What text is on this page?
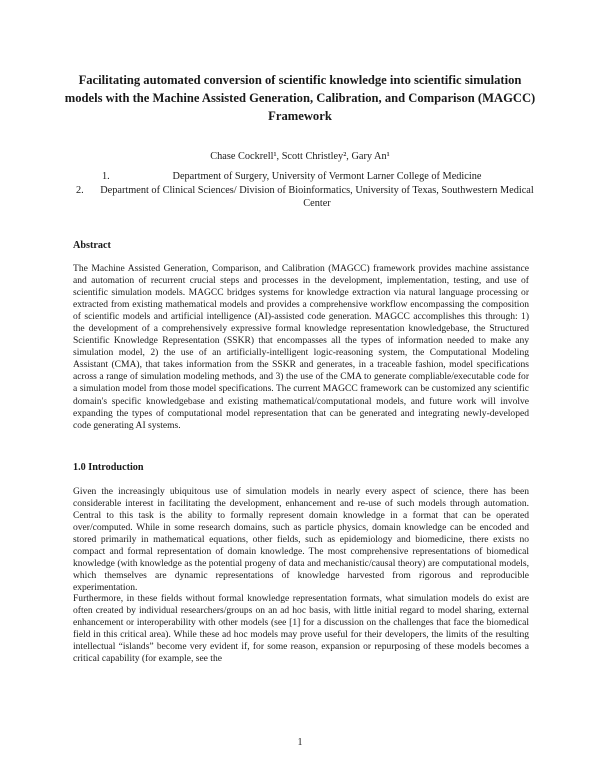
Facilitating automated conversion of scientific knowledge into scientific simulation models with the Machine Assisted Generation, Calibration, and Comparison (MAGCC) Framework
Chase Cockrell¹, Scott Christley², Gary An¹
1.	Department of Surgery, University of Vermont Larner College of Medicine
2.	Department of Clinical Sciences/ Division of Bioinformatics, University of Texas, Southwestern Medical Center
Abstract

The Machine Assisted Generation, Comparison, and Calibration (MAGCC) framework provides machine assistance and automation of recurrent crucial steps and processes in the development, implementation, testing, and use of scientific simulation models. MAGCC bridges systems for knowledge extraction via natural language processing or extracted from existing mathematical models and provides a comprehensive workflow encompassing the composition of scientific models and artificial intelligence (AI)-assisted code generation. MAGCC accomplishes this through: 1) the development of a comprehensively expressive formal knowledge representation knowledgebase, the Structured Scientific Knowledge Representation (SSKR) that encompasses all the types of information needed to make any simulation model, 2) the use of an artificially-intelligent logic-reasoning system, the Computational Modeling Assistant (CMA), that takes information from the SSKR and generates, in a traceable fashion, model specifications across a range of simulation modeling methods, and 3) the use of the CMA to generate compliable/executable code for a simulation model from those model specifications. The current MAGCC framework can be customized any scientific domain's specific knowledgebase and existing mathematical/computational models, and future work will involve expanding the types of computational model representation that can be generated and integrating newly-developed code generating AI systems.

1.0 Introduction

Given the increasingly ubiquitous use of simulation models in nearly every aspect of science, there has been considerable interest in facilitating the development, enhancement and re-use of such models through automation. Central to this task is the ability to formally represent domain knowledge in a format that can be operated over/computed. While in some research domains, such as particle physics, domain knowledge can be encoded and stored primarily in mathematical equations, other fields, such as epidemiology and biomedicine, there exists no compact and formal representation of domain knowledge. The most comprehensive representations of biomedical knowledge (with knowledge as the potential progeny of data and mechanistic/causal theory) are computational models, which themselves are dynamic representations of knowledge harvested from rigorous and reproducible experimentation.

Furthermore, in these fields without formal knowledge representation formats, what simulation models do exist are often created by individual researchers/groups on an ad hoc basis, with little initial regard to model sharing, external enhancement or interoperability with other models (see [1] for a discussion on the challenges that face the biomedical field in this critical area). While these ad hoc models may prove useful for their developers, the limits of the resulting intellectual “islands” become very evident if, for some reason, expansion or repurposing of these models becomes a critical capability (for example, see the

1
